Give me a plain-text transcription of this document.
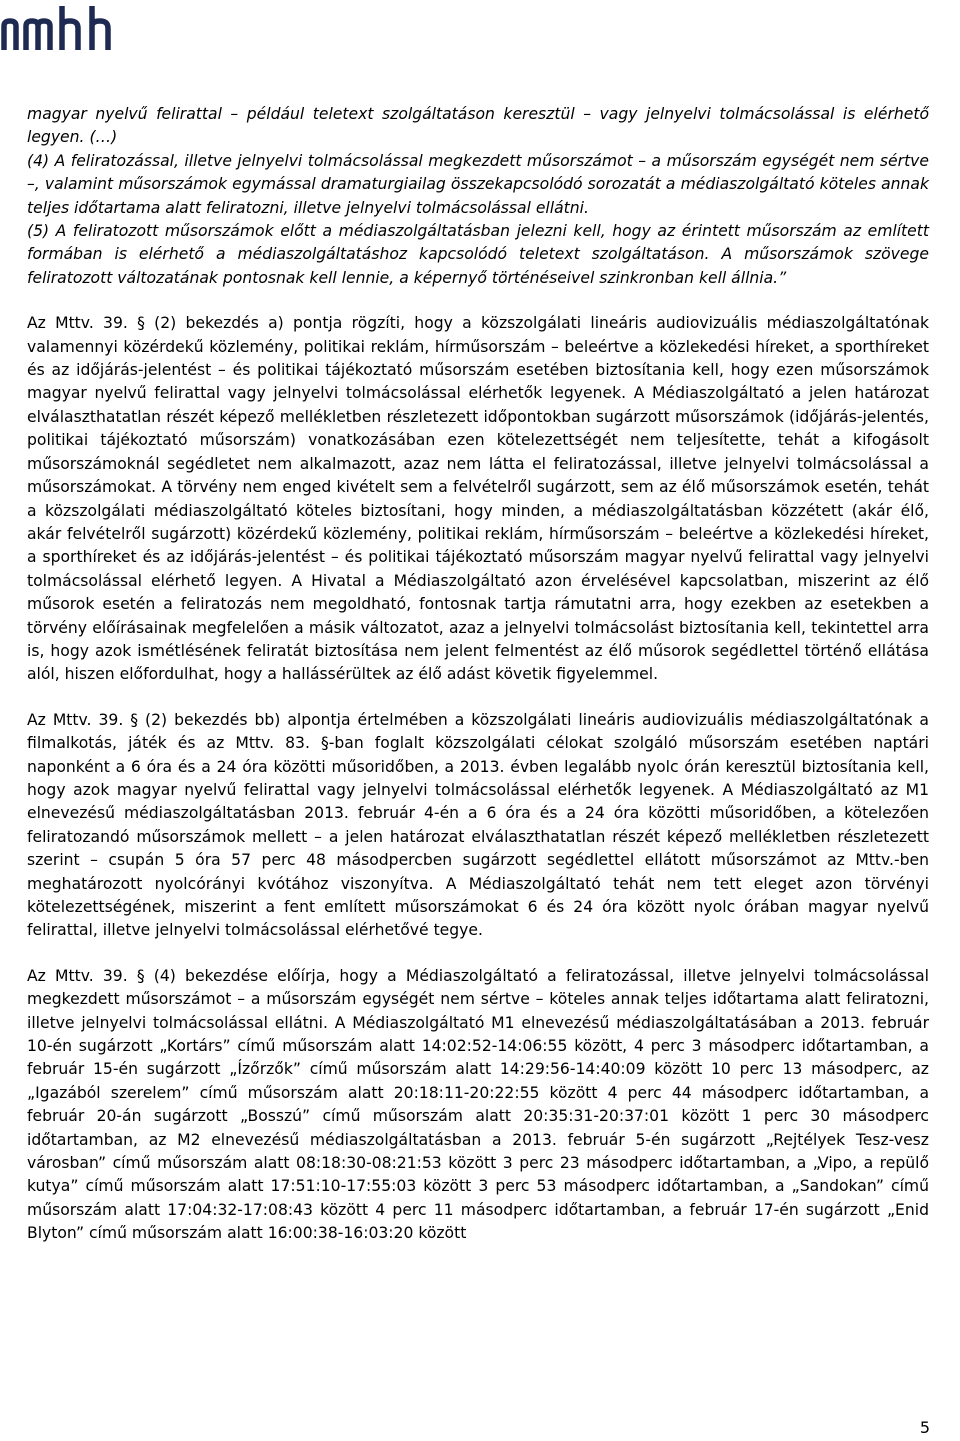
magyar nyelvű felirattal – például teletext szolgáltatáson keresztül – vagy jelnyelvi tolmácsolással is elérhető legyen. (…)

(4) A feliratozással, illetve jelnyelvi tolmácsolással megkezdett műsorszámot – a műsorszám egységét nem sértve –, valamint műsorszámok egymással dramaturgiailag összekapcsolódó sorozatát a médiaszolgáltató köteles annak teljes időtartama alatt feliratozni, illetve jelnyelvi tolmácsolással ellátni.

(5) A feliratozott műsorszámok előtt a médiaszolgáltatásban jelezni kell, hogy az érintett műsorszám az említett formában is elérhető a médiaszolgáltatáshoz kapcsolódó teletext szolgáltatáson. A műsorszámok szövege feliratozott változatának pontosnak kell lennie, a képernyő történéseivel szinkronban kell állnia.”

Az Mttv. 39. § (2) bekezdés a) pontja rögzíti, hogy a közszolgálati lineáris audiovizuális médiaszolgáltatónak valamennyi közérdekű közlemény, politikai reklám, hírműsorszám – beleértve a közlekedési híreket, a sporthíreket és az időjárás-jelentést – és politikai tájékoztató műsorszám esetében biztosítania kell, hogy ezen műsorszámok magyar nyelvű felirattal vagy jelnyelvi tolmácsolással elérhetők legyenek. A Médiaszolgáltató a jelen határozat elválaszthatatlan részét képező mellékletben részletezett időpontokban sugárzott műsorszámok (időjárás-jelentés, politikai tájékoztató műsorszám) vonatkozásában ezen kötelezettségét nem teljesítette, tehát a kifogásolt műsorszámoknál segédletet nem alkalmazott, azaz nem látta el feliratozással, illetve jelnyelvi tolmácsolással a műsorszámokat. A törvény nem enged kivételt sem a felvételről sugárzott, sem az élő műsorszámok esetén, tehát a közszolgálati médiaszolgáltató köteles biztosítani, hogy minden, a médiaszolgáltatásban közzétett (akár élő, akár felvételről sugárzott) közérdekű közlemény, politikai reklám, hírműsorszám – beleértve a közlekedési híreket, a sporthíreket és az időjárás-jelentést – és politikai tájékoztató műsorszám magyar nyelvű felirattal vagy jelnyelvi tolmácsolással elérhető legyen. A Hivatal a Médiaszolgáltató azon érvelésével kapcsolatban, miszerint az élő műsorok esetén a feliratozás nem megoldható, fontosnak tartja rámutatni arra, hogy ezekben az esetekben a törvény előírásainak megfelelően a másik változatot, azaz a jelnyelvi tolmácsolást biztosítania kell, tekintettel arra is, hogy azok ismétlésének feliratát biztosítása nem jelent felmentést az élő műsorok segédlettel történő ellátása alól, hiszen előfordulhat, hogy a hallássérültek az élő adást követik figyelemmel.

Az Mttv. 39. § (2) bekezdés bb) alpontja értelmében a közszolgálati lineáris audiovizuális médiaszolgáltatónak a filmalkotás, játék és az Mttv. 83. §-ban foglalt közszolgálati célokat szolgáló műsorszám esetében naptári naponként a 6 óra és a 24 óra közötti műsoridőben, a 2013. évben legalább nyolc órán keresztül biztosítania kell, hogy azok magyar nyelvű felirattal vagy jelnyelvi tolmácsolással elérhetők legyenek. A Médiaszolgáltató az M1 elnevezésű médiaszolgáltatásban 2013. február 4-én a 6 óra és a 24 óra közötti műsoridőben, a kötelezően feliratozandó műsorszámok mellett – a jelen határozat elválaszthatatlan részét képező mellékletben részletezett szerint – csupán 5 óra 57 perc 48 másodpercben sugárzott segédlettel ellátott műsorszámot az Mttv.-ben meghatározott nyolcórányi kvótához viszonyítva. A Médiaszolgáltató tehát nem tett eleget azon törvényi kötelezettségének, miszerint a fent említett műsorszámokat 6 és 24 óra között nyolc órában magyar nyelvű felirattal, illetve jelnyelvi tolmácsolással elérhetővé tegye.

Az Mttv. 39. § (4) bekezdése előírja, hogy a Médiaszolgáltató a feliratozással, illetve jelnyelvi tolmácsolással megkezdett műsorszámot – a műsorszám egységét nem sértve – köteles annak teljes időtartama alatt feliratozni, illetve jelnyelvi tolmácsolással ellátni. A Médiaszolgáltató M1 elnevezésű médiaszolgáltatásában a 2013. február 10-én sugárzott „Kortárs” című műsorszám alatt 14:02:52-14:06:55 között, 4 perc 3 másodperc időtartamban, a február 15-én sugárzott „Ízőrzők” című műsorszám alatt 14:29:56-14:40:09 között 10 perc 13 másodperc, az „Igazából szerelem” című műsorszám alatt 20:18:11-20:22:55 között 4 perc 44 másodperc időtartamban, a február 20-án sugárzott „Bosszú” című műsorszám alatt 20:35:31-20:37:01 között 1 perc 30 másodperc időtartamban, az M2 elnevezésű médiaszolgáltatásban a 2013. február 5-én sugárzott „Rejtélyek Tesz-vesz városban” című műsorszám alatt 08:18:30-08:21:53 között 3 perc 23 másodperc időtartamban, a „Vipo, a repülő kutya” című műsorszám alatt 17:51:10-17:55:03 között 3 perc 53 másodperc időtartamban, a „Sandokan” című műsorszám alatt 17:04:32-17:08:43 között 4 perc 11 másodperc időtartamban, a február 17-én sugárzott „Enid Blyton” című műsorszám alatt 16:00:38-16:03:20 között

5
